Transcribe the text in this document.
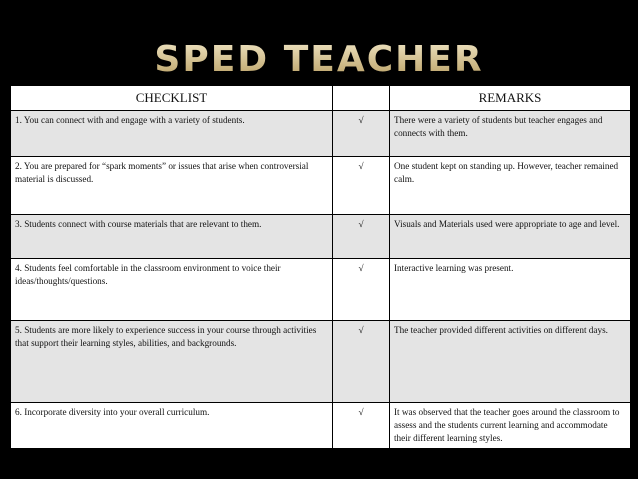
SPED TEACHER
CHECKLIST		REMARKS
1. You can connect with and engage with a variety of students.	√	There were a variety of students but teacher engages and connects with them.
2. You are prepared for “spark moments” or issues that arise when controversial material is discussed.	√	One student kept on standing up. However, teacher remained calm.
3. Students connect with course materials that are relevant to them.	√	Visuals and Materials used were appropriate to age and level.
4. Students feel comfortable in the classroom environment to voice their ideas/thoughts/questions.	√	Interactive learning was present.
5. Students are more likely to experience success in your course through activities that support their learning styles, abilities, and backgrounds.	√	The teacher provided different activities on different days.
6. Incorporate diversity into your overall curriculum.	√	It was observed that the teacher goes around the classroom to assess and the students current learning and accommodate their different learning styles.
